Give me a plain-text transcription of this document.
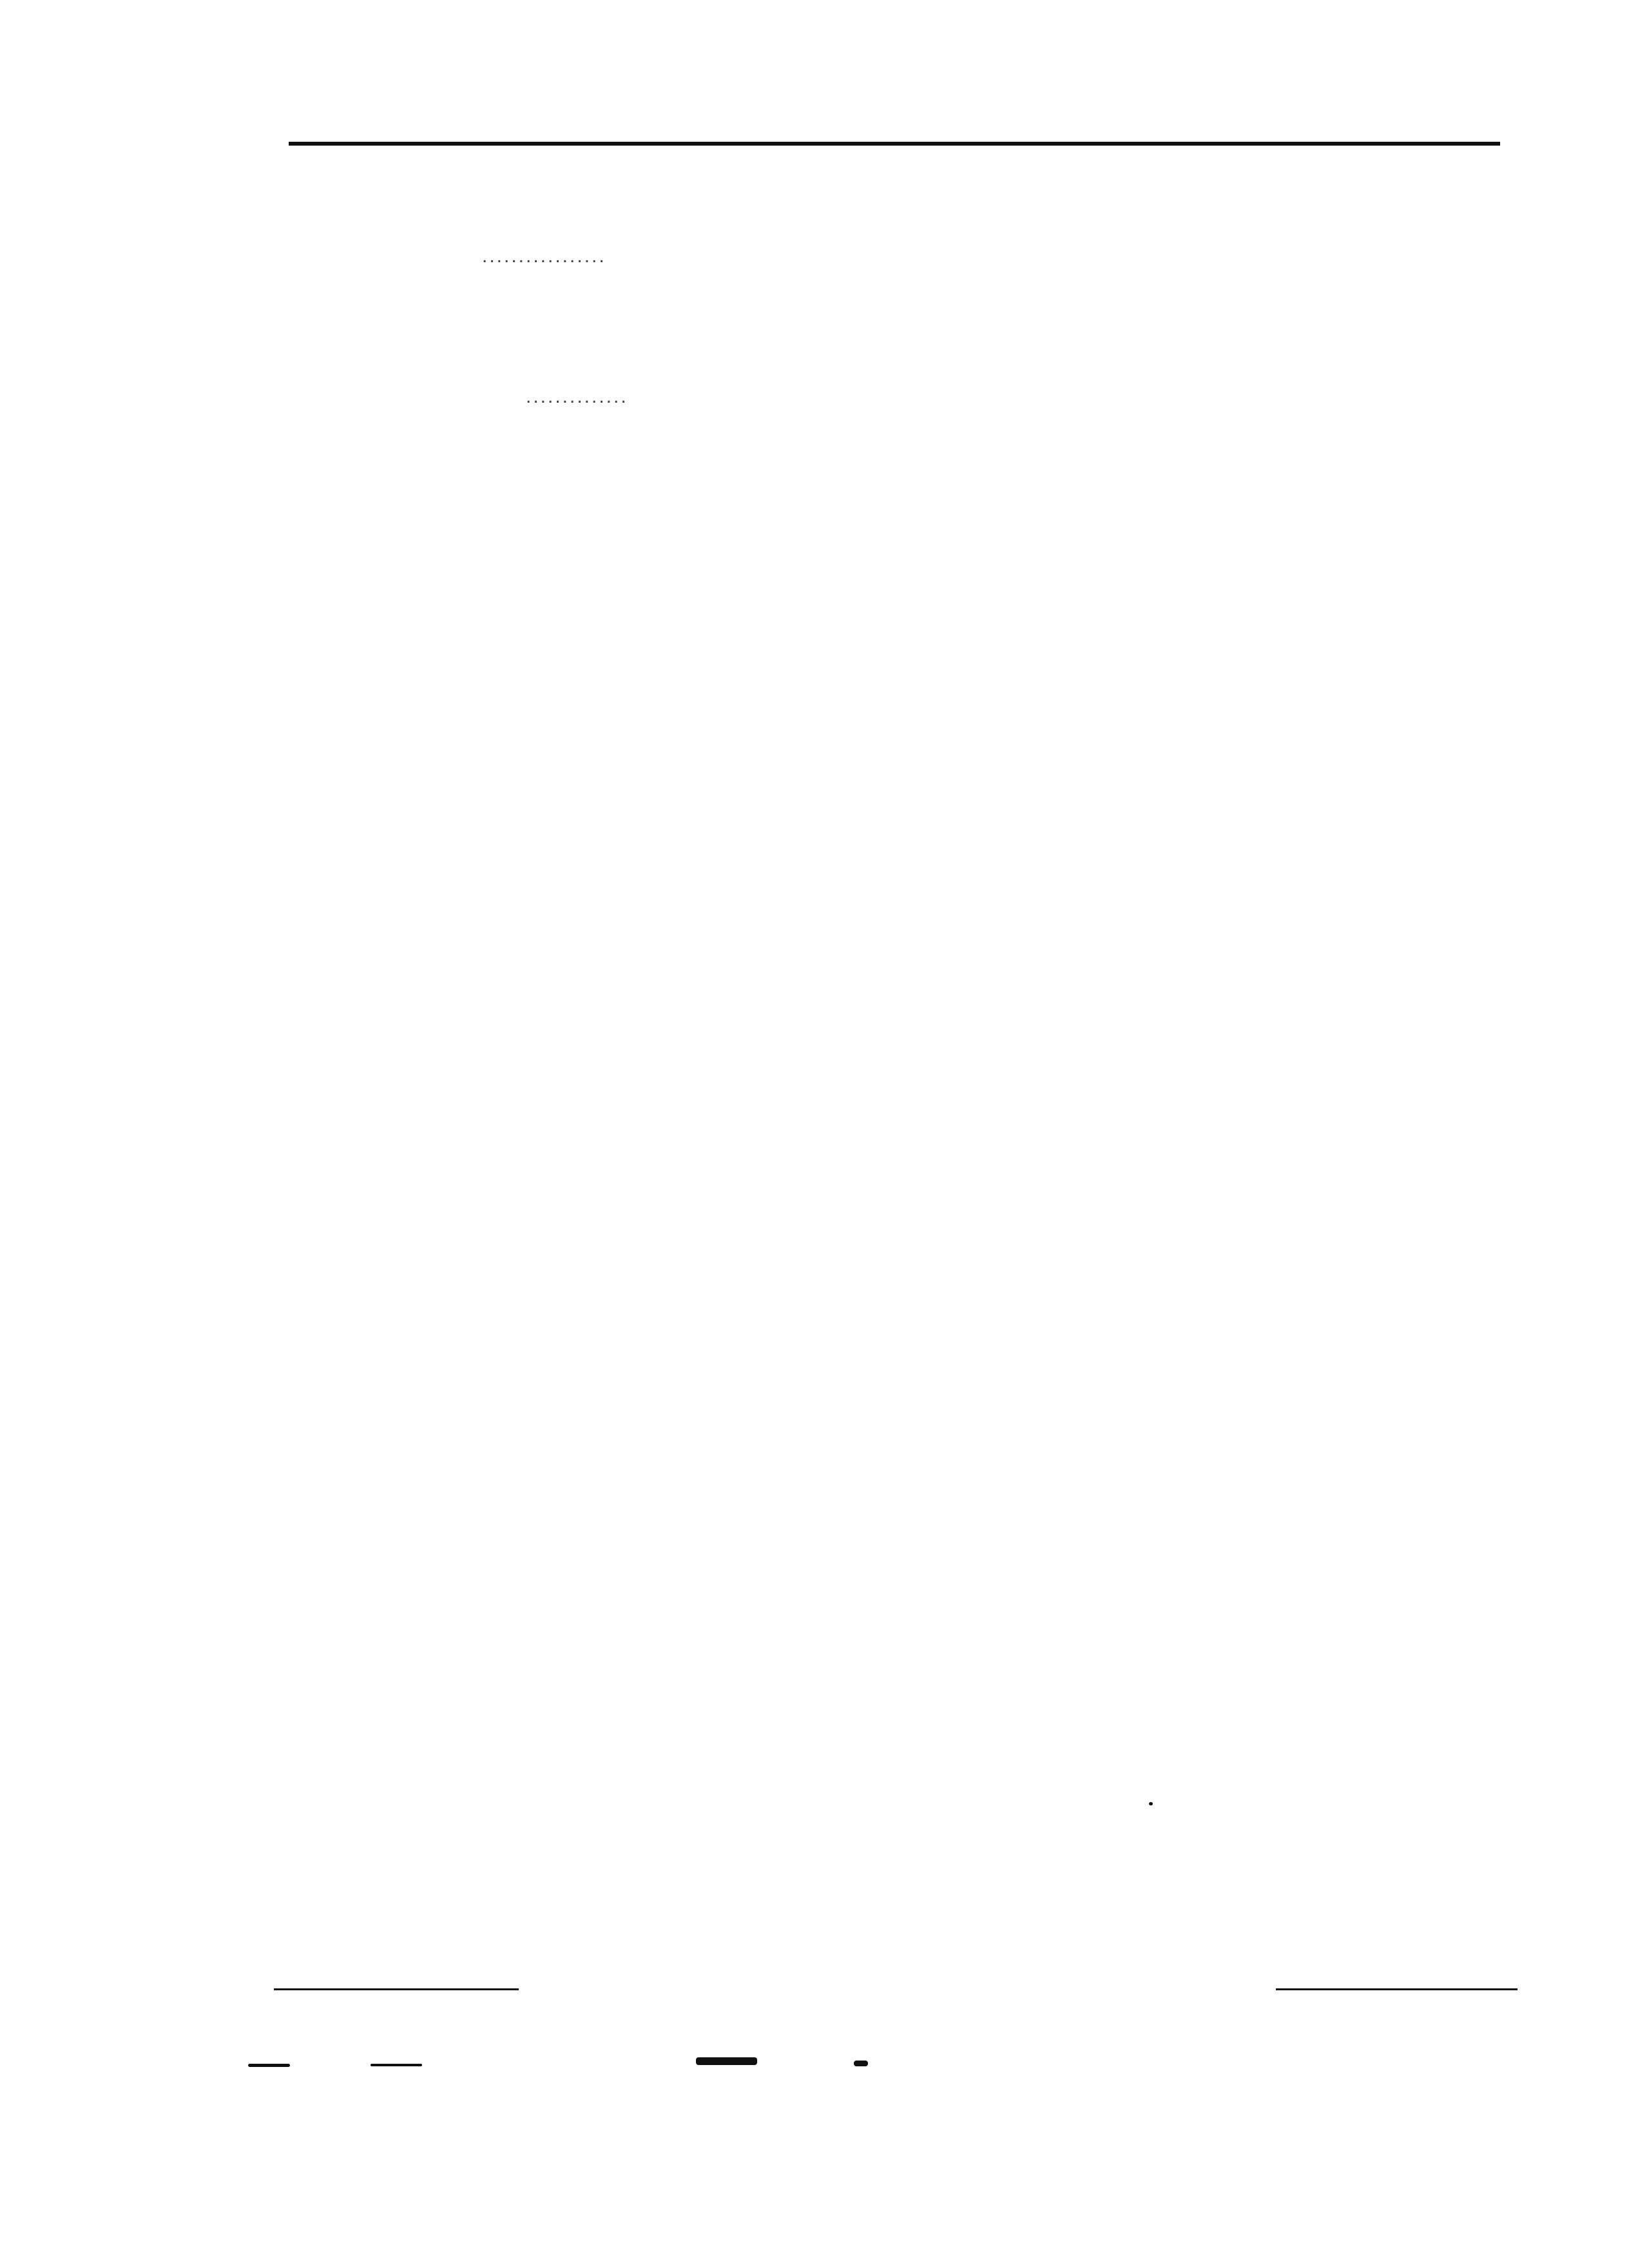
.................
..............
